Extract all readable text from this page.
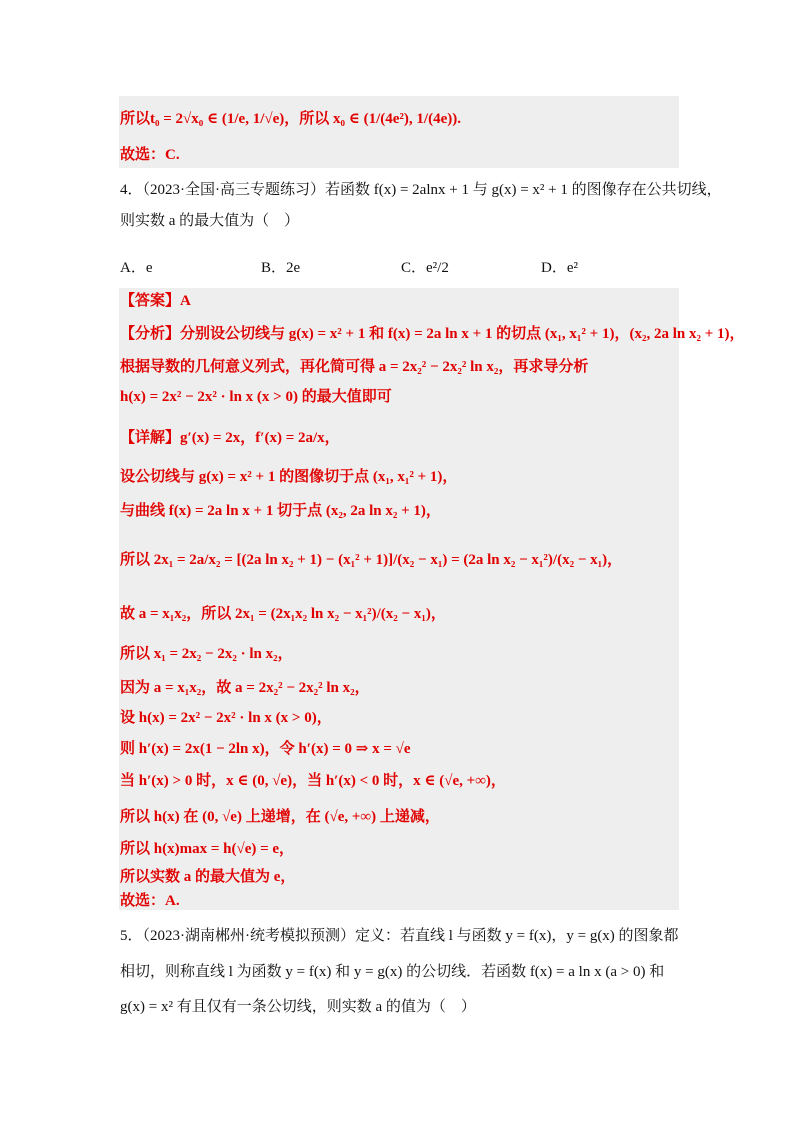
所以t₀ = 2√x₀ ∈ (1/e, 1/√e)，所以 x₀ ∈ (1/(4e²), 1/(4e)).
故选：C.
4．（2023·全国·高三专题练习）若函数 f(x) = 2alnx + 1 与 g(x) = x² + 1 的图像存在公共切线，
则实数 a 的最大值为（　）
A．e	B．2e	C．e²/2	D．e²
【答案】A
【分析】分别设公切线与 g(x) = x² + 1 和 f(x) = 2a ln x + 1 的切点 (x₁, x₁² + 1)，(x₂, 2a ln x₂ + 1)，
根据导数的几何意义列式，再化简可得 a = 2x₂² − 2x₂² ln x₂，再求导分析
h(x) = 2x² − 2x² · ln x (x > 0) 的最大值即可
【详解】g′(x) = 2x，f′(x) = 2a/x，
设公切线与 g(x) = x² + 1 的图像切于点 (x₁, x₁² + 1)，
与曲线 f(x) = 2a ln x + 1 切于点 (x₂, 2a ln x₂ + 1)，
所以 2x₁ = 2a/x₂ = [(2a ln x₂ + 1) − (x₁² + 1)]/(x₂ − x₁) = (2a ln x₂ − x₁²)/(x₂ − x₁)，
故 a = x₁x₂，所以 2x₁ = (2x₁x₂ ln x₂ − x₁²)/(x₂ − x₁)，
所以 x₁ = 2x₂ − 2x₂ · ln x₂，
因为 a = x₁x₂，故 a = 2x₂² − 2x₂² ln x₂，
设 h(x) = 2x² − 2x² · ln x (x > 0)，
则 h′(x) = 2x(1 − 2ln x)，令 h′(x) = 0 ⇒ x = √e
当 h′(x) > 0 时，x ∈ (0, √e)，当 h′(x) < 0 时，x ∈ (√e, +∞)，
所以 h(x) 在 (0, √e) 上递增，在 (√e, +∞) 上递减，
所以 h(x)max = h(√e) = e，
所以实数 a 的最大值为 e，
故选：A.
5．（2023·湖南郴州·统考模拟预测）定义：若直线 l 与函数 y = f(x)，y = g(x) 的图象都
相切，则称直线 l 为函数 y = f(x) 和 y = g(x) 的公切线．若函数 f(x) = a ln x (a > 0) 和
g(x) = x² 有且仅有一条公切线，则实数 a 的值为（　）
